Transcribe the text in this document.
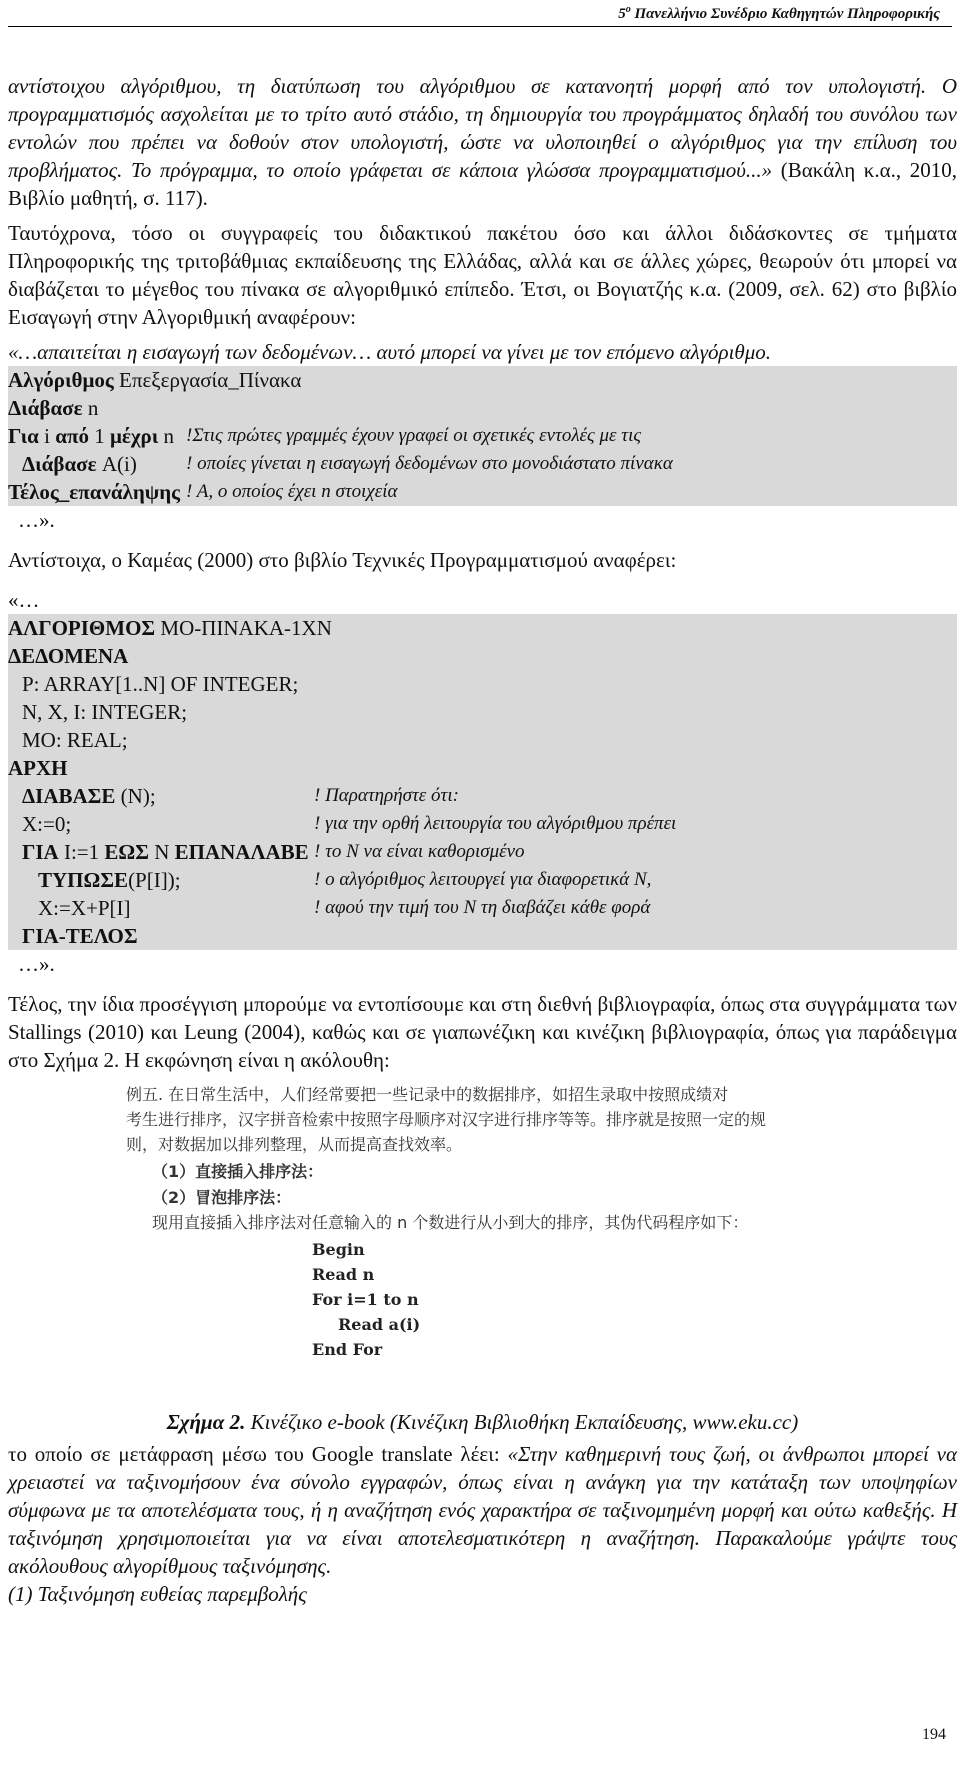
$5^o$ Πανελλήνιο Συνέδριο Καθηγητών Πληροφορικής

αντίστοιχου αλγόριθμου, τη διατύπωση του αλγόριθμου σε κατανοητή μορφή από τον υπολογιστή. Ο προγραμματισμός ασχολείται με το τρίτο αυτό στάδιο, τη δημιουργία του προγράμματος δηλαδή του συνόλου των εντολών που πρέπει να δοθούν στον υπολογιστή, ώστε να υλοποιηθεί ο αλγόριθμος για την επίλυση του προβλήματος. Το πρόγραμμα, το οποίο γράφεται σε κάποια γλώσσα προγραμματισμού...» (Βακάλη κ.α., 2010, Βιβλίο μαθητή, σ. 117).

Ταυτόχρονα, τόσο οι συγγραφείς του διδακτικού πακέτου όσο και άλλοι διδάσκοντες σε τμήματα Πληροφορικής της τριτοβάθμιας εκπαίδευσης της Ελλάδας, αλλά και σε άλλες χώρες, θεωρούν ότι μπορεί να διαβάζεται το μέγεθος του πίνακα σε αλγοριθμικό επίπεδο. Έτσι, οι Βογιατζής κ.α. (2009, σελ. 62) στο βιβλίο Εισαγωγή στην Αλγοριθμική αναφέρουν:

«…απαιτείται η εισαγωγή των δεδομένων… αυτό μπορεί να γίνει με τον επόμενο αλγόριθμο.

Αλγόριθμος Επεξεργασία_Πίνακα
Διάβασε n
Για i από 1 μέχρι n !Στις πρώτες γραμμές έχουν γραφεί οι σχετικές εντολές με τις
Διάβασε A(i)	! οποίες γίνεται η εισαγωγή δεδομένων στο μονοδιάστατο πίνακα
Τέλος_επανάληψης ! A, ο οποίος έχει n στοιχεία
…».

Αντίστοιχα, ο Καμέας (2000) στο βιβλίο Τεχνικές Προγραμματισμού αναφέρει:

«…
ΑΛΓΟΡΙΘΜΟΣ ΜΟ-ΠΙΝΑΚΑ-1ΧΝ
ΔΕΔΟΜΕΝΑ
P: ARRAY[1..N] OF INTEGER;
N, X, I: INTEGER;
MO: REAL;
ΑΡΧΗ
ΔΙΑΒΑΣΕ (N);	! Παρατηρήστε ότι:
X:=0;	! για την ορθή λειτουργία του αλγόριθμου πρέπει
ΓΙΑ I:=1 ΕΩΣ N ΕΠΑΝΑΛΑΒΕ ! το N να είναι καθορισμένο
ΤΥΠΩΣΕ(P[I]);	! ο αλγόριθμος λειτουργεί για διαφορετικά N,
X:=X+P[I]	! αφού την τιμή του N τη διαβάζει κάθε φορά
ΓΙΑ-ΤΕΛΟΣ
…».

Τέλος, την ίδια προσέγγιση μπορούμε να εντοπίσουμε και στη διεθνή βιβλιογραφία, όπως στα συγγράμματα των Stallings (2010) και Leung (2004), καθώς και σε γιαπωνέζικη και κινέζικη βιβλιογραφία, όπως για παράδειγμα στο Σχήμα 2. Η εκφώνηση είναι η ακόλουθη:

例五. 在日常生活中，人们经常要把一些记录中的数据排序，如招生录取中按照成绩对
考生进行排序，汉字拼音检索中按照字母顺序对汉字进行排序等等。排序就是按照一定的规
则，对数据加以排列整理，从而提高查找效率。
（1）直接插入排序法：
（2）冒泡排序法：
现用直接插入排序法对任意输入的 n 个数进行从小到大的排序，其伪代码程序如下：
Begin
Read n
For i=1 to n
Read a(i)
End For

Σχήμα 2. Κινέζικο e-book (Κινέζικη Βιβλιοθήκη Εκπαίδευσης, www.eku.cc)

το οποίο σε μετάφραση μέσω του Google translate λέει: «Στην καθημερινή τους ζωή, οι άνθρωποι μπορεί να χρειαστεί να ταξινομήσουν ένα σύνολο εγγραφών, όπως είναι η ανάγκη για την κατάταξη των υποψηφίων σύμφωνα με τα αποτελέσματα τους, ή η αναζήτηση ενός χαρακτήρα σε ταξινομημένη μορφή και ούτω καθεξής. Η ταξινόμηση χρησιμοποιείται για να είναι αποτελεσματικότερη η αναζήτηση. Παρακαλούμε γράψτε τους ακόλουθους αλγορίθμους ταξινόμησης.

(1) Ταξινόμηση ευθείας παρεμβολής

194
